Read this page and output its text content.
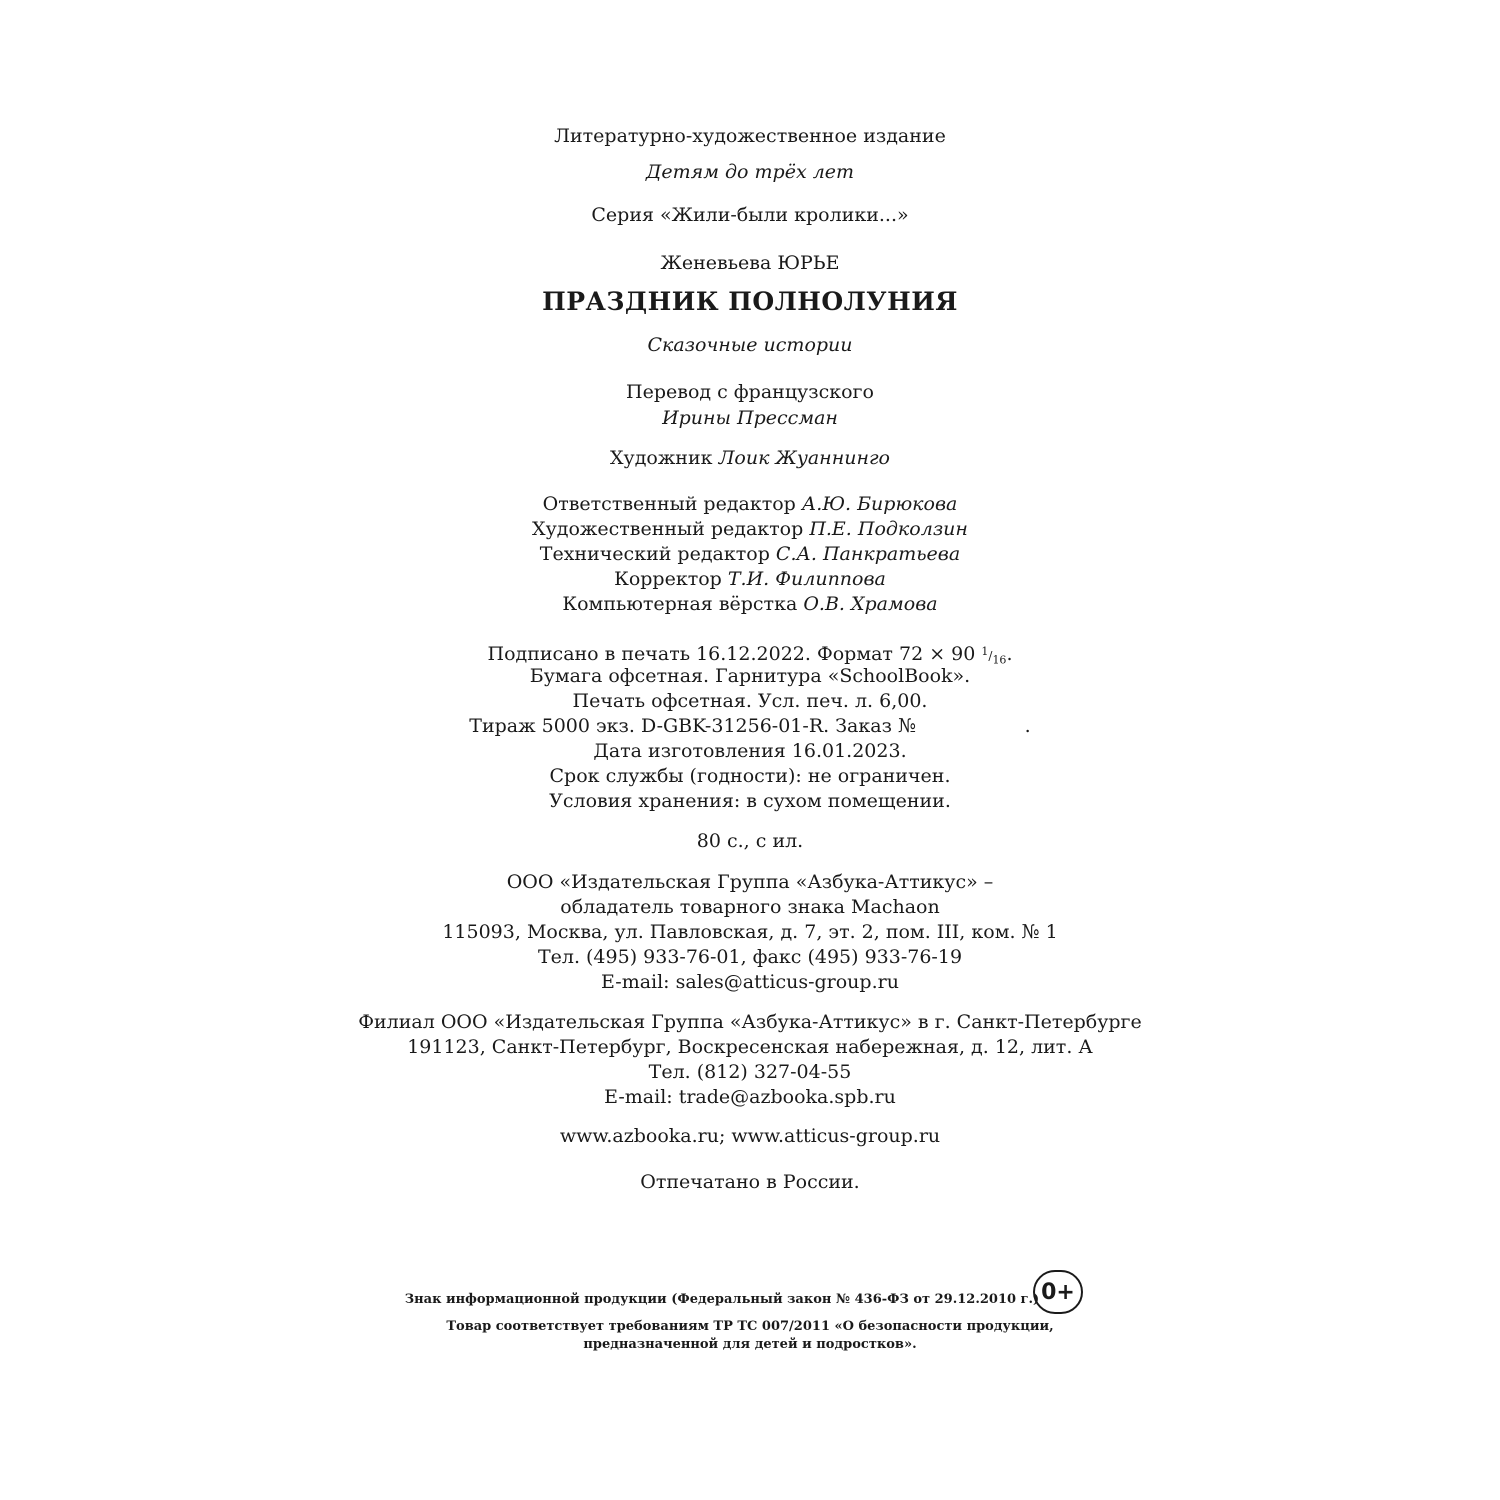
Литературно-художественное издание
Детям до трёх лет
Серия «Жили-были кролики...»
Женевьева ЮРЬЕ
ПРАЗДНИК ПОЛНОЛУНИЯ
Сказочные истории
Перевод с французского
Ирины Прессман
Художник Лоик Жуаннинго
Ответственный редактор А.Ю. Бирюкова
Художественный редактор П.Е. Подколзин
Технический редактор С.А. Панкратьева
Корректор Т.И. Филиппова
Компьютерная вёрстка О.В. Храмова
Подписано в печать 16.12.2022. Формат 72 × 90 $^1/_{16}$.
Бумага офсетная. Гарнитура «SchoolBook».
Печать офсетная. Усл. печ. л. 6,00.
Тираж 5000 экз. D-GBK-31256-01-R. Заказ №                  .
Дата изготовления 16.01.2023.
Срок службы (годности): не ограничен.
Условия хранения: в сухом помещении.
80 с., с ил.
ООО «Издательская Группа «Азбука-Аттикус» –
обладатель товарного знака Machaon
115093, Москва, ул. Павловская, д. 7, эт. 2, пом. III, ком. № 1
Тел. (495) 933-76-01, факс (495) 933-76-19
E-mail: sales@atticus-group.ru
Филиал ООО «Издательская Группа «Азбука-Аттикус» в г. Санкт-Петербурге
191123, Санкт-Петербург, Воскресенская набережная, д. 12, лит. А
Тел. (812) 327-04-55
E-mail: trade@azbooka.spb.ru
www.azbooka.ru; www.atticus-group.ru
Отпечатано в России.
Знак информационной продукции (Федеральный закон № 436-ФЗ от 29.12.2010 г.) 0+
Товар соответствует требованиям ТР ТС 007/2011 «О безопасности продукции,
предназначенной для детей и подростков».
